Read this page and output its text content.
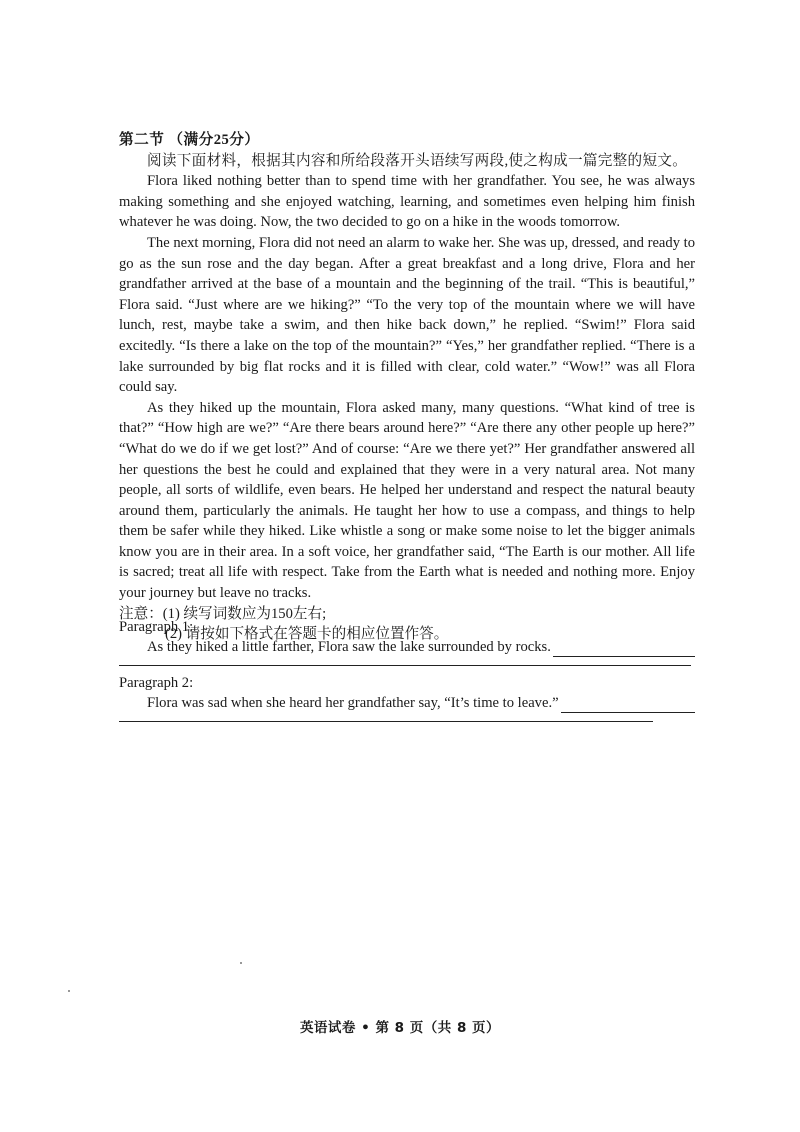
第二节 （满分25分）

阅读下面材料，根据其内容和所给段落开头语续写两段,使之构成一篇完整的短文。

Flora liked nothing better than to spend time with her grandfather. You see, he was always making something and she enjoyed watching, learning, and sometimes even helping him finish whatever he was doing. Now, the two decided to go on a hike in the woods tomorrow.

The next morning, Flora did not need an alarm to wake her. She was up, dressed, and ready to go as the sun rose and the day began. After a great breakfast and a long drive, Flora and her grandfather arrived at the base of a mountain and the beginning of the trail. “This is beautiful,” Flora said. “Just where are we hiking?” “To the very top of the mountain where we will have lunch, rest, maybe take a swim, and then hike back down,” he replied. “Swim!” Flora said excitedly. “Is there a lake on the top of the mountain?” “Yes,” her grandfather replied. “There is a lake surrounded by big flat rocks and it is filled with clear, cold water.” “Wow!” was all Flora could say.

As they hiked up the mountain, Flora asked many, many questions. “What kind of tree is that?” “How high are we?” “Are there bears around here?” “Are there any other people up here?” “What do we do if we get lost?” And of course: “Are we there yet?” Her grandfather answered all her questions the best he could and explained that they were in a very natural area. Not many people, all sorts of wildlife, even bears. He helped her understand and respect the natural beauty around them, particularly the animals. He taught her how to use a compass, and things to help them be safer while they hiked. Like whistle a song or make some noise to let the bigger animals know you are in their area. In a soft voice, her grandfather said, “The Earth is our mother. All life is sacred; treat all life with respect. Take from the Earth what is needed and nothing more. Enjoy your journey but leave no tracks.

注意：(1) 续写词数应为150左右;

(2) 请按如下格式在答题卡的相应位置作答。

Paragraph 1:

As they hiked a little farther, Flora saw the lake surrounded by rocks.

Paragraph 2:

Flora was sad when she heard her grandfather say, “It’s time to leave.”

英语试卷 • 第 8 页（共 8 页）
